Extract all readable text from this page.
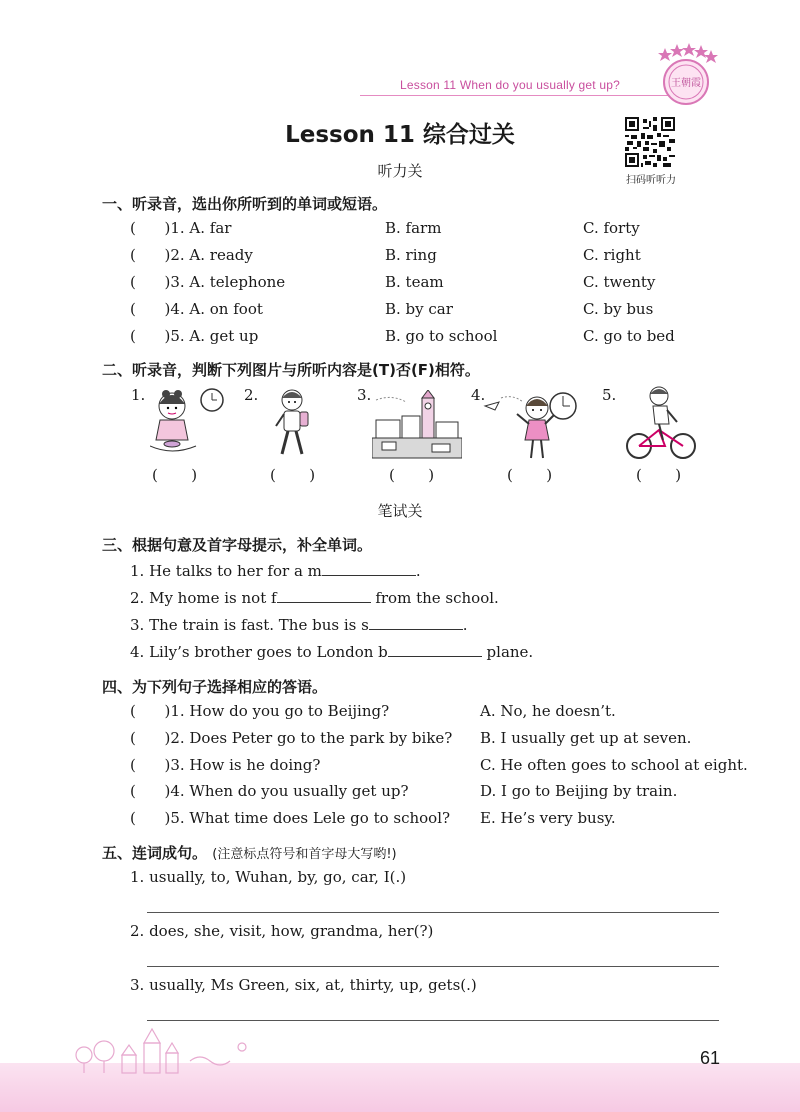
Lesson 11 When do you usually get up?	王朝霞
Lesson 11 综合过关
扫码听听力
听力关
一、听录音，选出你所听到的单词或短语。
(      )1. A. far	B. farm	C. forty
(      )2. A. ready	B. ring	C. right
(      )3. A. telephone	B. team	C. twenty
(      )4. A. on foot	B. by car	C. by bus
(      )5. A. get up	B. go to school	C. go to bed
二、听录音，判断下列图片与所听内容是(T)否(F)相符。
1.	2.	3.	4.	5.
(       )	(       )	(       )	(       )	(       )
笔试关
三、根据句意及首字母提示，补全单词。
1. He talks to her for a m	.
2. My home is not f	from the school.
3. The train is fast. The bus is s	.
4. Lily’s brother goes to London b	plane.
四、为下列句子选择相应的答语。
(      )1. How do you go to Beijing?	A. No, he doesn’t.
(      )2. Does Peter go to the park by bike? B. I usually get up at seven.
(      )3. How is he doing?	C. He often goes to school at eight.
(      )4. When do you usually get up?	D. I go to Beijing by train.
(      )5. What time does Lele go to school? E. He’s very busy.
五、连词成句。 (注意标点符号和首字母大写哟!)
1. usually, to, Wuhan, by, go, car, I(.)
2. does, she, visit, how, grandma, her(?)
3. usually, Ms Green, six, at, thirty, up, gets(.)
61
